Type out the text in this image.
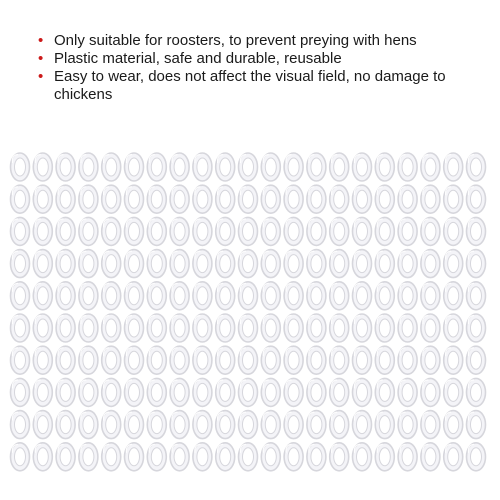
• Only suitable for roosters, to prevent preying with hens
• Plastic material, safe and durable, reusable
• Easy to wear, does not affect the visual field, no damage to chickens
